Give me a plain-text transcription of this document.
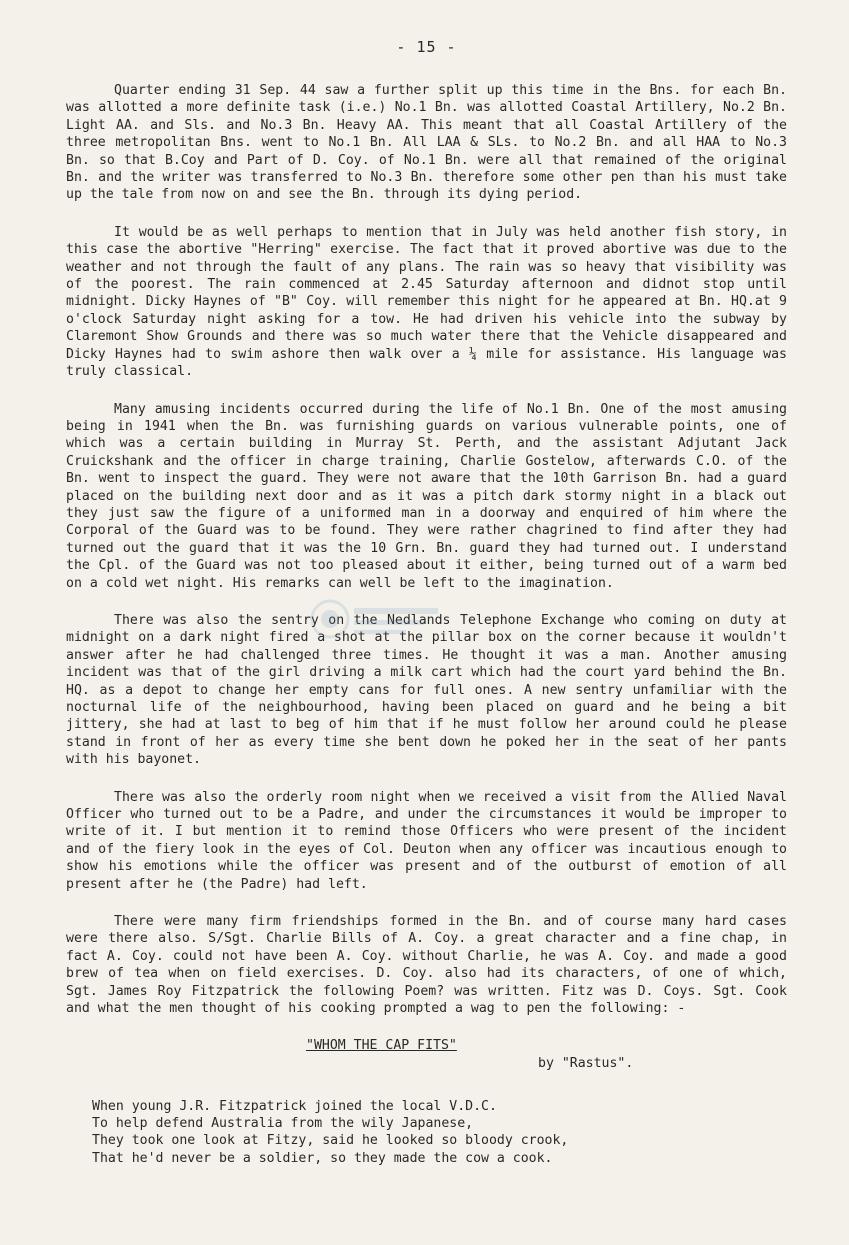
- 15 -

Quarter ending 31 Sep. 44 saw a further split up this time in the Bns. for each Bn. was allotted a more definite task (i.e.) No.1 Bn. was allotted Coastal Artillery, No.2 Bn. Light AA. and Sls. and No.3 Bn. Heavy AA. This meant that all Coastal Artillery of the three metropolitan Bns. went to No.1 Bn. All LAA & SLs. to No.2 Bn. and all HAA to No.3 Bn. so that B.Coy and Part of D. Coy. of No.1 Bn. were all that remained of the original Bn. and the writer was transferred to No.3 Bn. therefore some other pen than his must take up the tale from now on and see the Bn. through its dying period.

It would be as well perhaps to mention that in July was held another fish story, in this case the abortive "Herring" exercise. The fact that it proved abortive was due to the weather and not through the fault of any plans. The rain was so heavy that visibility was of the poorest. The rain commenced at 2.45 Saturday afternoon and didnot stop until midnight. Dicky Haynes of "B" Coy. will remember this night for he appeared at Bn. HQ.at 9 o'clock Saturday night asking for a tow. He had driven his vehicle into the subway by Claremont Show Grounds and there was so much water there that the Vehicle disappeared and Dicky Haynes had to swim ashore then walk over a ¼ mile for assistance. His language was truly classical.

Many amusing incidents occurred during the life of No.1 Bn. One of the most amusing being in 1941 when the Bn. was furnishing guards on various vulnerable points, one of which was a certain building in Murray St. Perth, and the assistant Adjutant Jack Cruickshank and the officer in charge training, Charlie Gostelow, afterwards C.O. of the Bn. went to inspect the guard. They were not aware that the 10th Garrison Bn. had a guard placed on the building next door and as it was a pitch dark stormy night in a black out they just saw the figure of a uniformed man in a doorway and enquired of him where the Corporal of the Guard was to be found. They were rather chagrined to find after they had turned out the guard that it was the 10 Grn. Bn. guard they had turned out. I understand the Cpl. of the Guard was not too pleased about it either, being turned out of a warm bed on a cold wet night. His remarks can well be left to the imagination.

There was also the sentry on the Nedlands Telephone Exchange who coming on duty at midnight on a dark night fired a shot at the pillar box on the corner because it wouldn't answer after he had challenged three times. He thought it was a man. Another amusing incident was that of the girl driving a milk cart which had the court yard behind the Bn. HQ. as a depot to change her empty cans for full ones. A new sentry unfamiliar with the nocturnal life of the neighbourhood, having been placed on guard and he being a bit jittery, she had at last to beg of him that if he must follow her around could he please stand in front of her as every time she bent down he poked her in the seat of her pants with his bayonet.

There was also the orderly room night when we received a visit from the Allied Naval Officer who turned out to be a Padre, and under the circumstances it would be improper to write of it. I but mention it to remind those Officers who were present of the incident and of the fiery look in the eyes of Col. Deuton when any officer was incautious enough to show his emotions while the officer was present and of the outburst of emotion of all present after he (the Padre) had left.

There were many firm friendships formed in the Bn. and of course many hard cases were there also. S/Sgt. Charlie Bills of A. Coy. a great character and a fine chap, in fact A. Coy. could not have been A. Coy. without Charlie, he was A. Coy. and made a good brew of tea when on field exercises. D. Coy. also had its characters, of one of which, Sgt. James Roy Fitzpatrick the following Poem? was written. Fitz was D. Coys. Sgt. Cook and what the men thought of his cooking prompted a wag to pen the following: -

"WHOM THE CAP FITS"
by "Rastus".
When young J.R. Fitzpatrick joined the local V.D.C.
To help defend Australia from the wily Japanese,
They took one look at Fitzy, said he looked so bloody crook,
That he'd never be a soldier, so they made the cow a cook.
